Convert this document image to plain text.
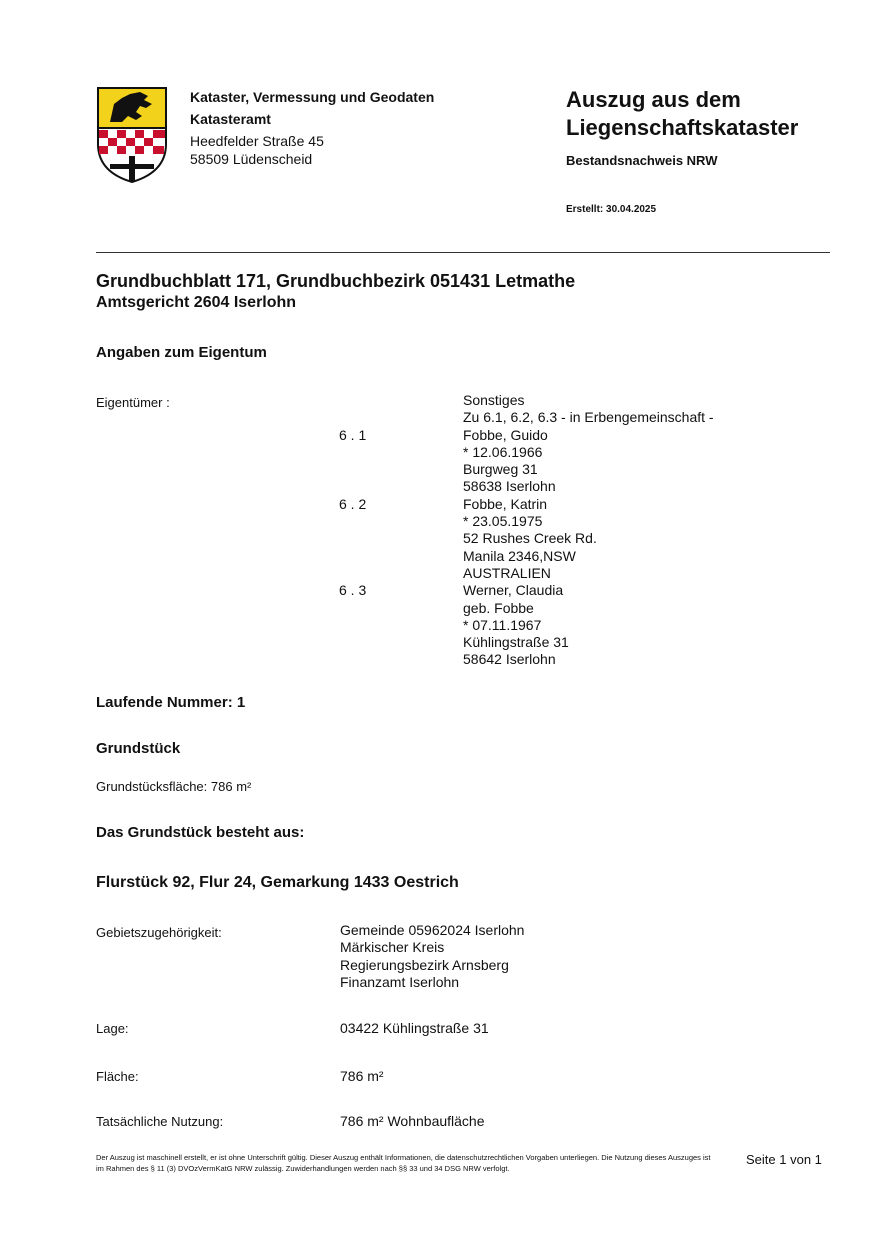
Kataster, Vermessung und Geodaten
Katasteramt
Heedfelder Straße 45
58509 Lüdenscheid
Auszug aus dem
Liegenschaftskataster
Bestandsnachweis NRW
Erstellt: 30.04.2025
Grundbuchblatt 171, Grundbuchbezirk 051431 Letmathe
Amtsgericht 2604 Iserlohn
Angaben zum Eigentum
Eigentümer :	Sonstiges
Zu 6.1, 6.2, 6.3 - in Erbengemeinschaft -
6 . 1	Fobbe, Guido
* 12.06.1966
Burgweg 31
58638 Iserlohn
6 . 2	Fobbe, Katrin
* 23.05.1975
52 Rushes Creek Rd.
Manila 2346,NSW
AUSTRALIEN
6 . 3	Werner, Claudia
geb. Fobbe
* 07.11.1967
Kühlingstraße 31
58642 Iserlohn
Laufende Nummer: 1
Grundstück
Grundstücksfläche: 786 m²
Das Grundstück besteht aus:
Flurstück 92, Flur 24, Gemarkung 1433 Oestrich
Gebietszugehörigkeit:	Gemeinde 05962024 Iserlohn
Märkischer Kreis
Regierungsbezirk Arnsberg
Finanzamt Iserlohn
Lage:	03422 Kühlingstraße 31
Fläche:	786 m²
Tatsächliche Nutzung:	786 m² Wohnbaufläche
Der Auszug ist maschinell erstellt, er ist ohne Unterschrift gültig. Dieser Auszug enthält Informationen, die datenschutzrechtlichen Vorgaben unterliegen. Die Nutzung dieses Auszuges ist im Rahmen des § 11 (3) DVOzVermKatG NRW zulässig. Zuwiderhandlungen werden nach §§ 33 und 34 DSG NRW verfolgt.
Seite 1 von 1
